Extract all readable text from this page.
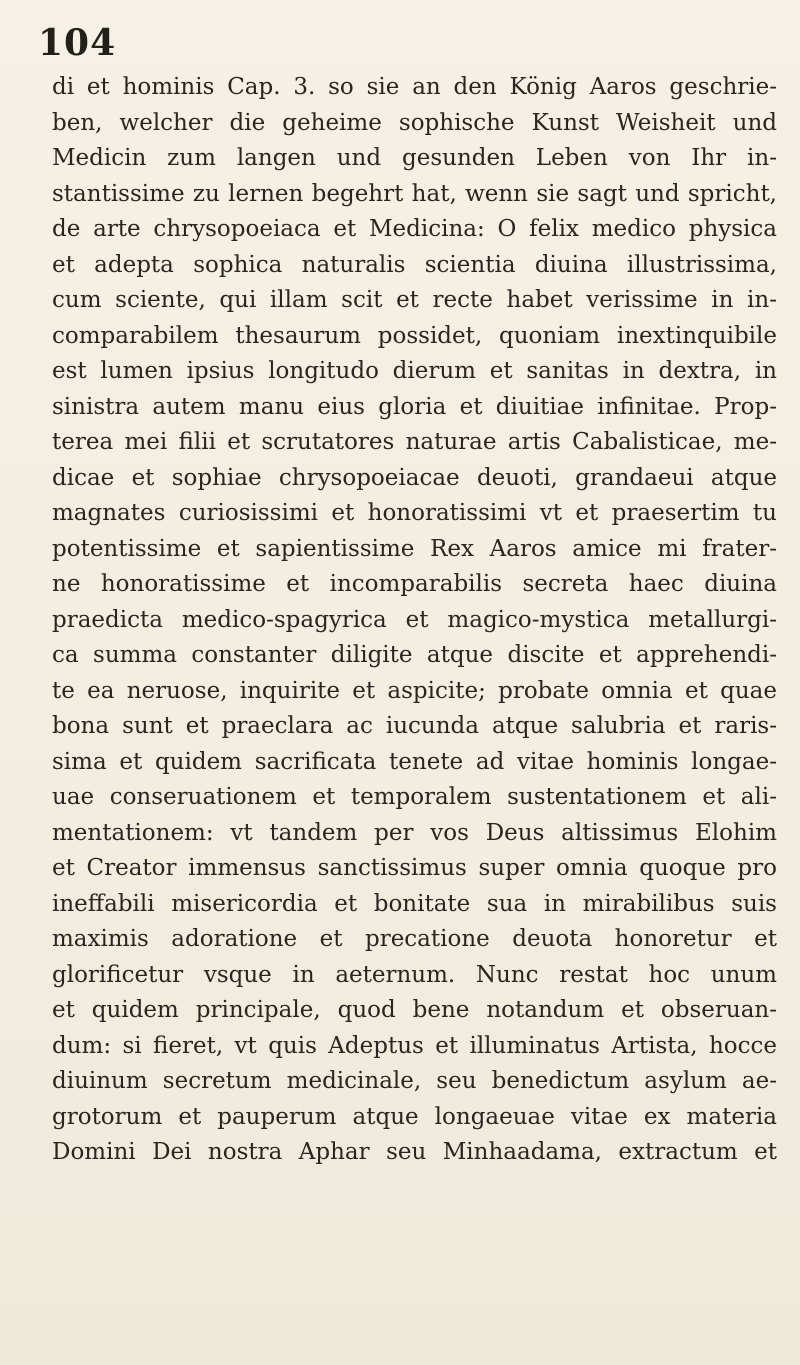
104
di et hominis Cap. 3. so sie an den König Aaros geschrie-
ben, welcher die geheime sophische Kunst Weisheit und
Medicin zum langen und gesunden Leben von Ihr in-
stantissime zu lernen begehrt hat, wenn sie sagt und spricht,
de arte chrysopoeiaca et Medicina: O felix medico physica
et adepta sophica naturalis scientia diuina illustrissima,
cum sciente, qui illam scit et recte habet verissime in in-
comparabilem thesaurum possidet, quoniam inextinquibile
est lumen ipsius longitudo dierum et sanitas in dextra, in
sinistra autem manu eius gloria et diuitiae infinitae. Prop-
terea mei filii et scrutatores naturae artis Cabalisticae, me-
dicae et sophiae chrysopoeiacae deuoti, grandaeui atque
magnates curiosissimi et honoratissimi vt et praesertim tu
potentissime et sapientissime Rex Aaros amice mi frater-
ne honoratissime et incomparabilis secreta haec diuina
praedicta medico-spagyrica et magico-mystica metallurgi-
ca summa constanter diligite atque discite et apprehendi-
te ea neruose, inquirite et aspicite; probate omnia et quae
bona sunt et praeclara ac iucunda atque salubria et raris-
sima et quidem sacrificata tenete ad vitae hominis longae-
uae conseruationem et temporalem sustentationem et ali-
mentationem: vt tandem per vos Deus altissimus Elohim
et Creator immensus sanctissimus super omnia quoque pro
ineffabili misericordia et bonitate sua in mirabilibus suis
maximis adoratione et precatione deuota honoretur et
glorificetur vsque in aeternum. Nunc restat hoc unum
et quidem principale, quod bene notandum et obseruan-
dum: si fieret, vt quis Adeptus et illuminatus Artista, hocce
diuinum secretum medicinale, seu benedictum asylum ae-
grotorum et pauperum atque longaeuae vitae ex materia
Domini Dei nostra Aphar seu Minhaadama, extractum et
